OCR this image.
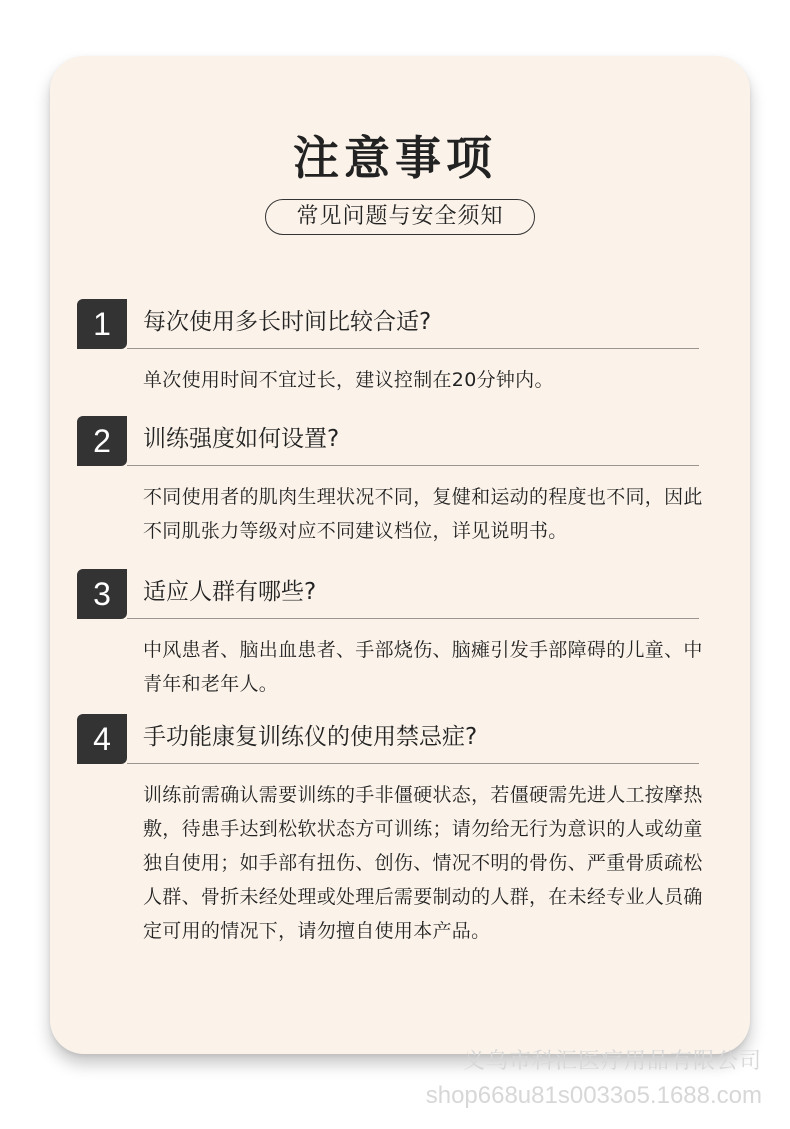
注意事项
常见问题与安全须知
1	每次使用多长时间比较合适?
单次使用时间不宜过长，建议控制在20分钟内。
2	训练强度如何设置?
不同使用者的肌肉生理状况不同，复健和运动的程度也不同，因此不同肌张力等级对应不同建议档位，详见说明书。
3	适应人群有哪些?
中风患者、脑出血患者、手部烧伤、脑瘫引发手部障碍的儿童、中青年和老年人。
4	手功能康复训练仪的使用禁忌症?
训练前需确认需要训练的手非僵硬状态，若僵硬需先进人工按摩热敷，待患手达到松软状态方可训练；请勿给无行为意识的人或幼童独自使用；如手部有扭伤、创伤、情况不明的骨伤、严重骨质疏松人群、骨折未经处理或处理后需要制动的人群，在未经专业人员确定可用的情况下，请勿擅自使用本产品。
义乌市科汇医疗用品有限公司
shop668u81s0033o5.1688.com
